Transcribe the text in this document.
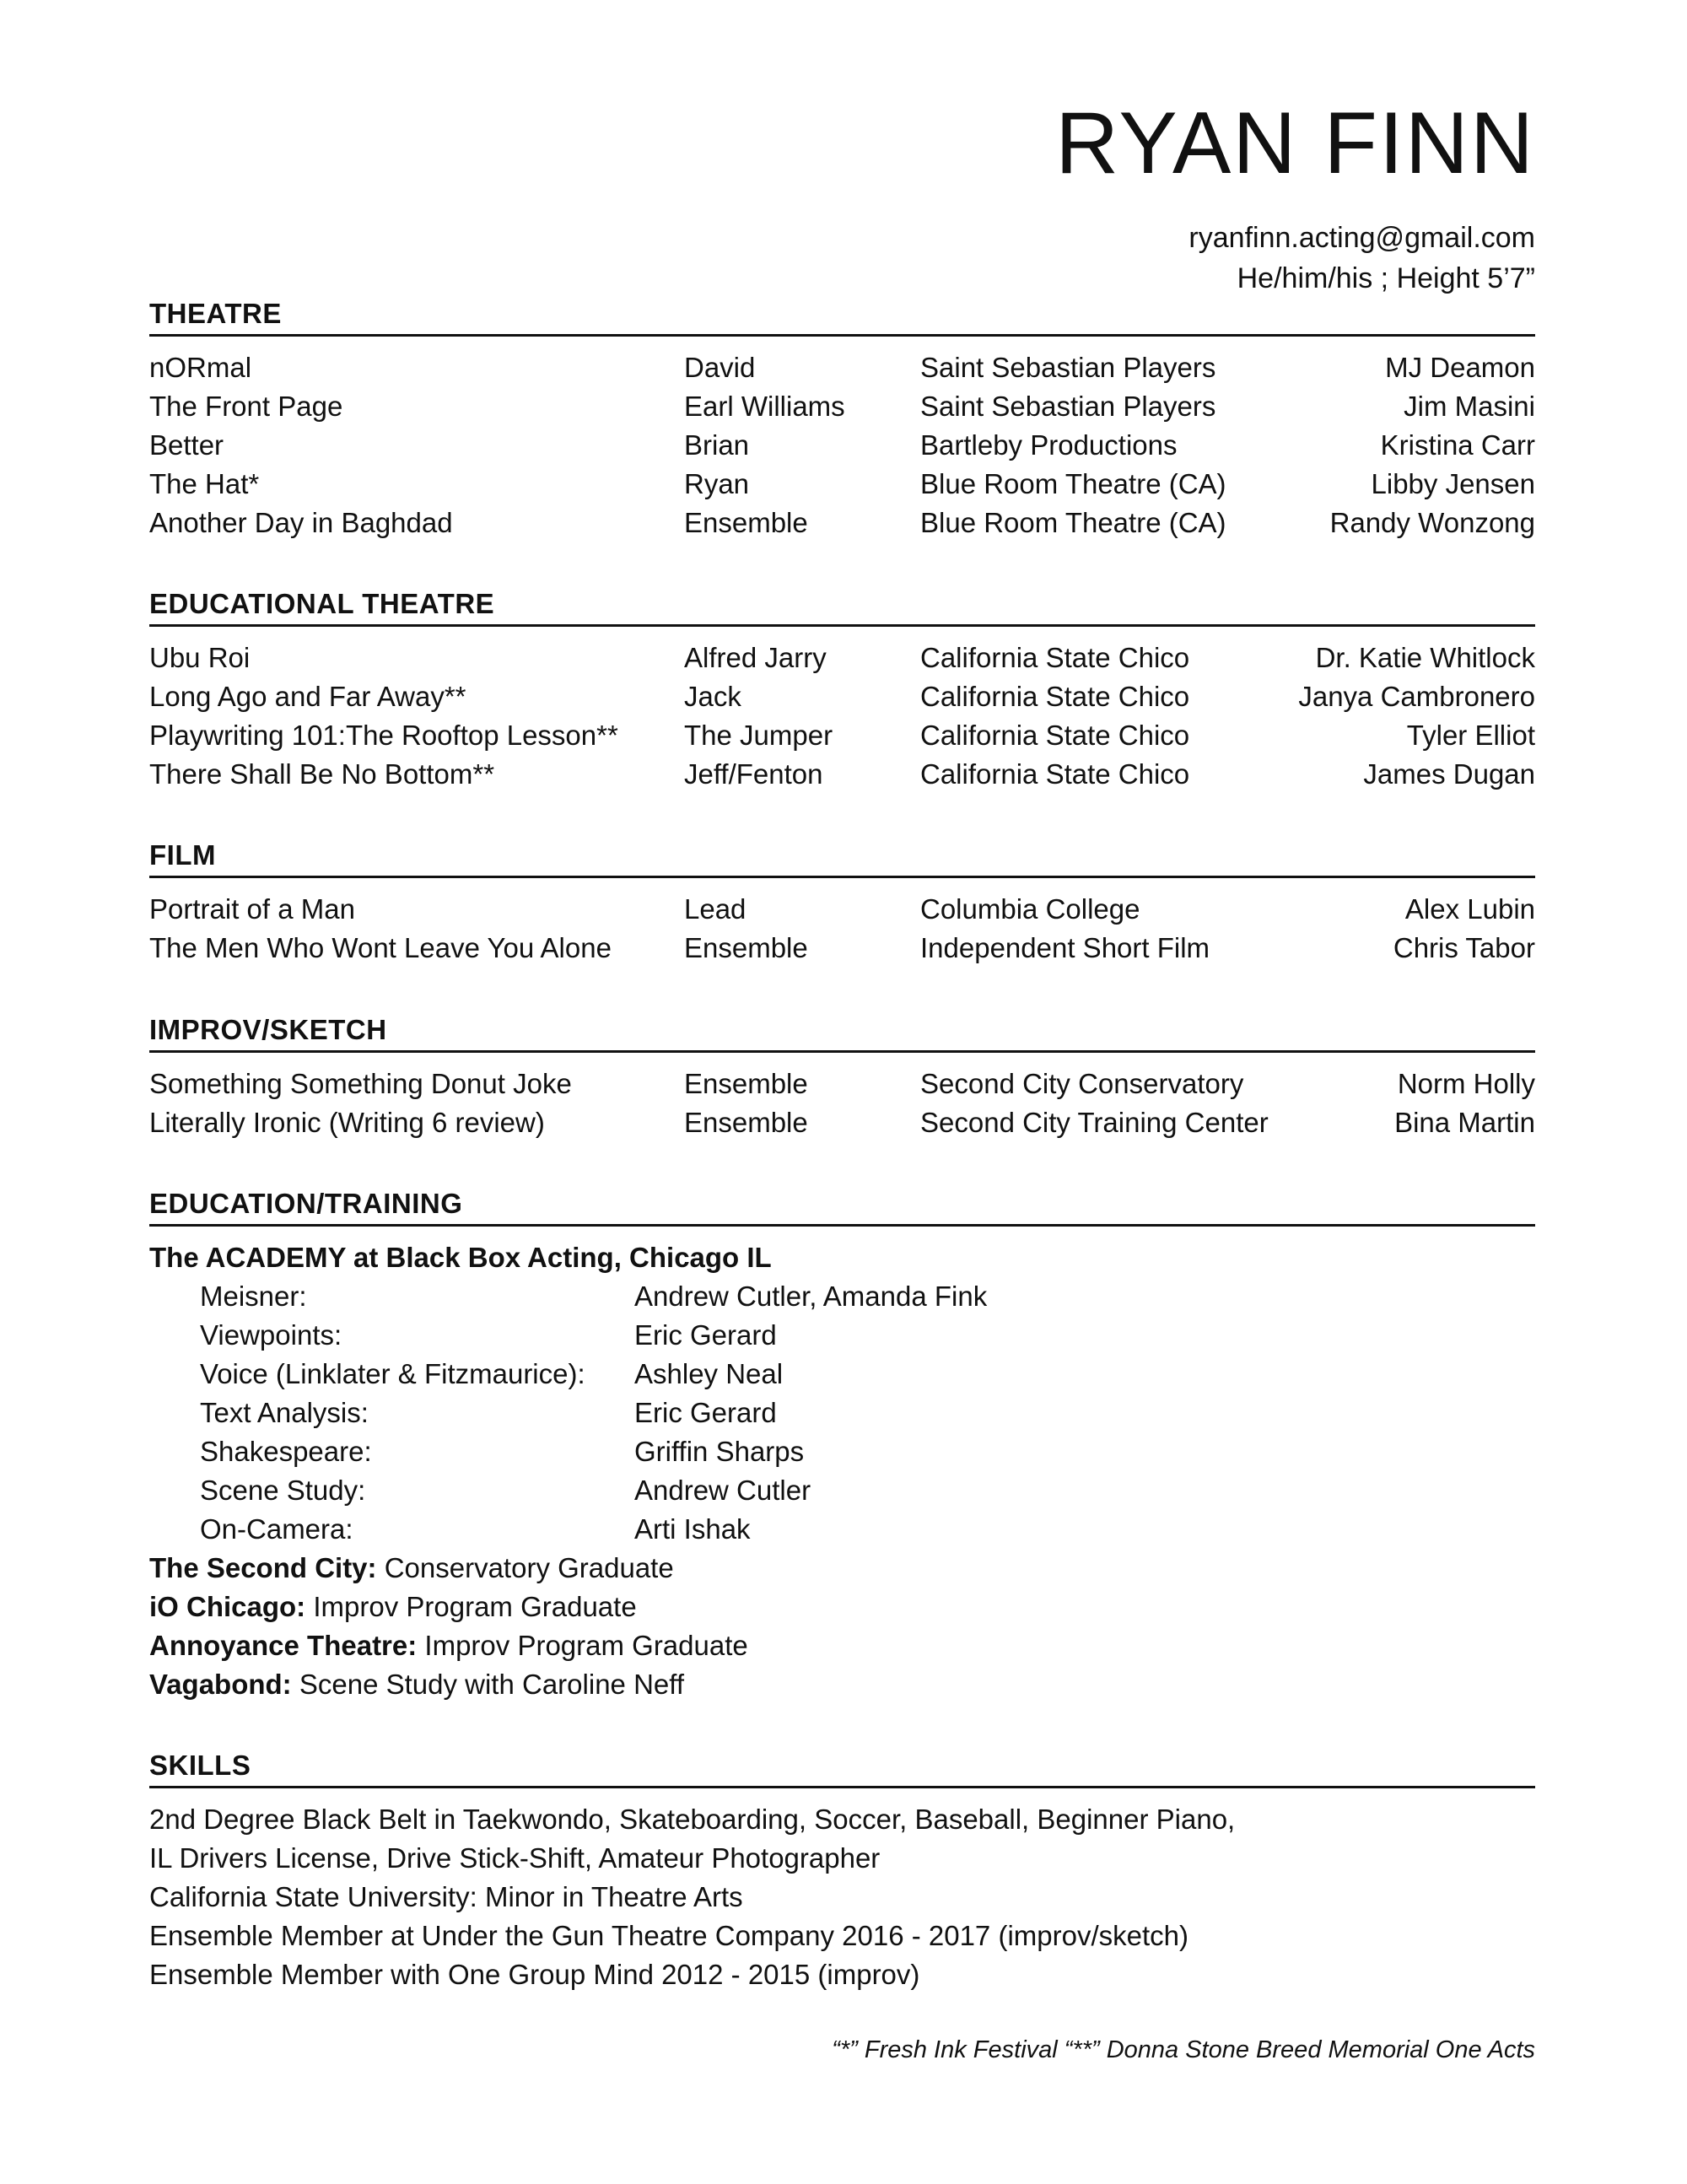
RYAN FINN
ryanfinn.acting@gmail.com
He/him/his ; Height 5’7”
THEATRE
nORmal	David	Saint Sebastian Players	MJ Deamon
The Front Page	Earl Williams	Saint Sebastian Players	Jim Masini
Better	Brian	Bartleby Productions	Kristina Carr
The Hat*	Ryan	Blue Room Theatre (CA)	Libby Jensen
Another Day in Baghdad	Ensemble	Blue Room Theatre (CA)	Randy Wonzong
EDUCATIONAL THEATRE
Ubu Roi	Alfred Jarry	California State Chico	Dr. Katie Whitlock
Long Ago and Far Away**	Jack	California State Chico	Janya Cambronero
Playwriting 101:The Rooftop Lesson** The Jumper	California State Chico	Tyler Elliot
There Shall Be No Bottom**	Jeff/Fenton	California State Chico	James Dugan
FILM
Portrait of a Man	Lead	Columbia College	Alex Lubin
The Men Who Wont Leave You Alone	Ensemble	Independent Short Film	Chris Tabor
IMPROV/SKETCH
Something Something Donut Joke	Ensemble	Second City Conservatory	Norm Holly
Literally Ironic (Writing 6 review)	Ensemble	Second City Training Center	Bina Martin
EDUCATION/TRAINING
The ACADEMY at Black Box Acting, Chicago IL
Meisner:	Andrew Cutler, Amanda Fink
Viewpoints:	Eric Gerard
Voice (Linklater & Fitzmaurice): Ashley Neal
Text Analysis:	Eric Gerard
Shakespeare:	Griffin Sharps
Scene Study:	Andrew Cutler
On-Camera:	Arti Ishak
The Second City: Conservatory Graduate
iO Chicago: Improv Program Graduate
Annoyance Theatre: Improv Program Graduate
Vagabond: Scene Study with Caroline Neff
SKILLS
2nd Degree Black Belt in Taekwondo, Skateboarding, Soccer, Baseball, Beginner Piano,
IL Drivers License, Drive Stick-Shift, Amateur Photographer
California State University: Minor in Theatre Arts
Ensemble Member at Under the Gun Theatre Company 2016 - 2017 (improv/sketch)
Ensemble Member with One Group Mind 2012 - 2015 (improv)
“*” Fresh Ink Festival “**” Donna Stone Breed Memorial One Acts
